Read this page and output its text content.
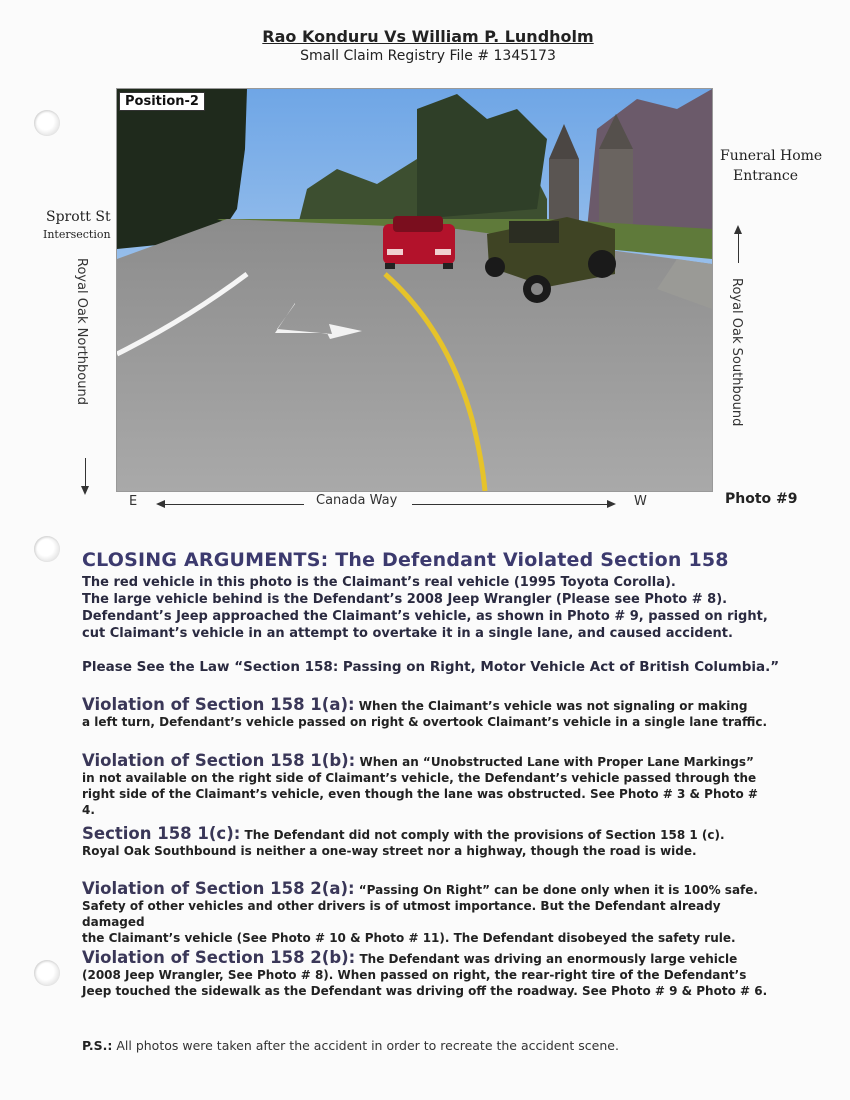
Rao Konduru Vs William P. Lundholm
Small Claim Registry File # 1345173
Position-2
Sprott St
Intersection
Royal Oak Northbound
Funeral Home
Entrance
Royal Oak Southbound
E	Canada Way	W	Photo #9
CLOSING ARGUMENTS: The Defendant Violated Section 158
The red vehicle in this photo is the Claimant’s real vehicle (1995 Toyota Corolla).
The large vehicle behind is the Defendant’s 2008 Jeep Wrangler (Please see Photo # 8).
Defendant’s Jeep approached the Claimant’s vehicle, as shown in Photo # 9, passed on right,
cut Claimant’s vehicle in an attempt to overtake it in a single lane, and caused accident.
Please See the Law “Section 158: Passing on Right, Motor Vehicle Act of British Columbia.”
Violation of Section 158 1(a): When the Claimant’s vehicle was not signaling or making
a left turn, Defendant’s vehicle passed on right & overtook Claimant’s vehicle in a single lane traffic.
Violation of Section 158 1(b): When an “Unobstructed Lane with Proper Lane Markings”
in not available on the right side of Claimant’s vehicle, the Defendant’s vehicle passed through the
right side of the Claimant’s vehicle, even though the lane was obstructed. See Photo # 3 & Photo # 4.
Section 158 1(c): The Defendant did not comply with the provisions of Section 158 1 (c).
Royal Oak Southbound is neither a one-way street nor a highway, though the road is wide.
Violation of Section 158 2(a): “Passing On Right” can be done only when it is 100% safe.
Safety of other vehicles and other drivers is of utmost importance. But the Defendant already damaged
the Claimant’s vehicle (See Photo # 10 & Photo # 11). The Defendant disobeyed the safety rule.
Violation of Section 158 2(b): The Defendant was driving an enormously large vehicle
(2008 Jeep Wrangler, See Photo # 8). When passed on right, the rear-right tire of the Defendant’s
Jeep touched the sidewalk as the Defendant was driving off the roadway. See Photo # 9 & Photo # 6.
P.S.: All photos were taken after the accident in order to recreate the accident scene.
